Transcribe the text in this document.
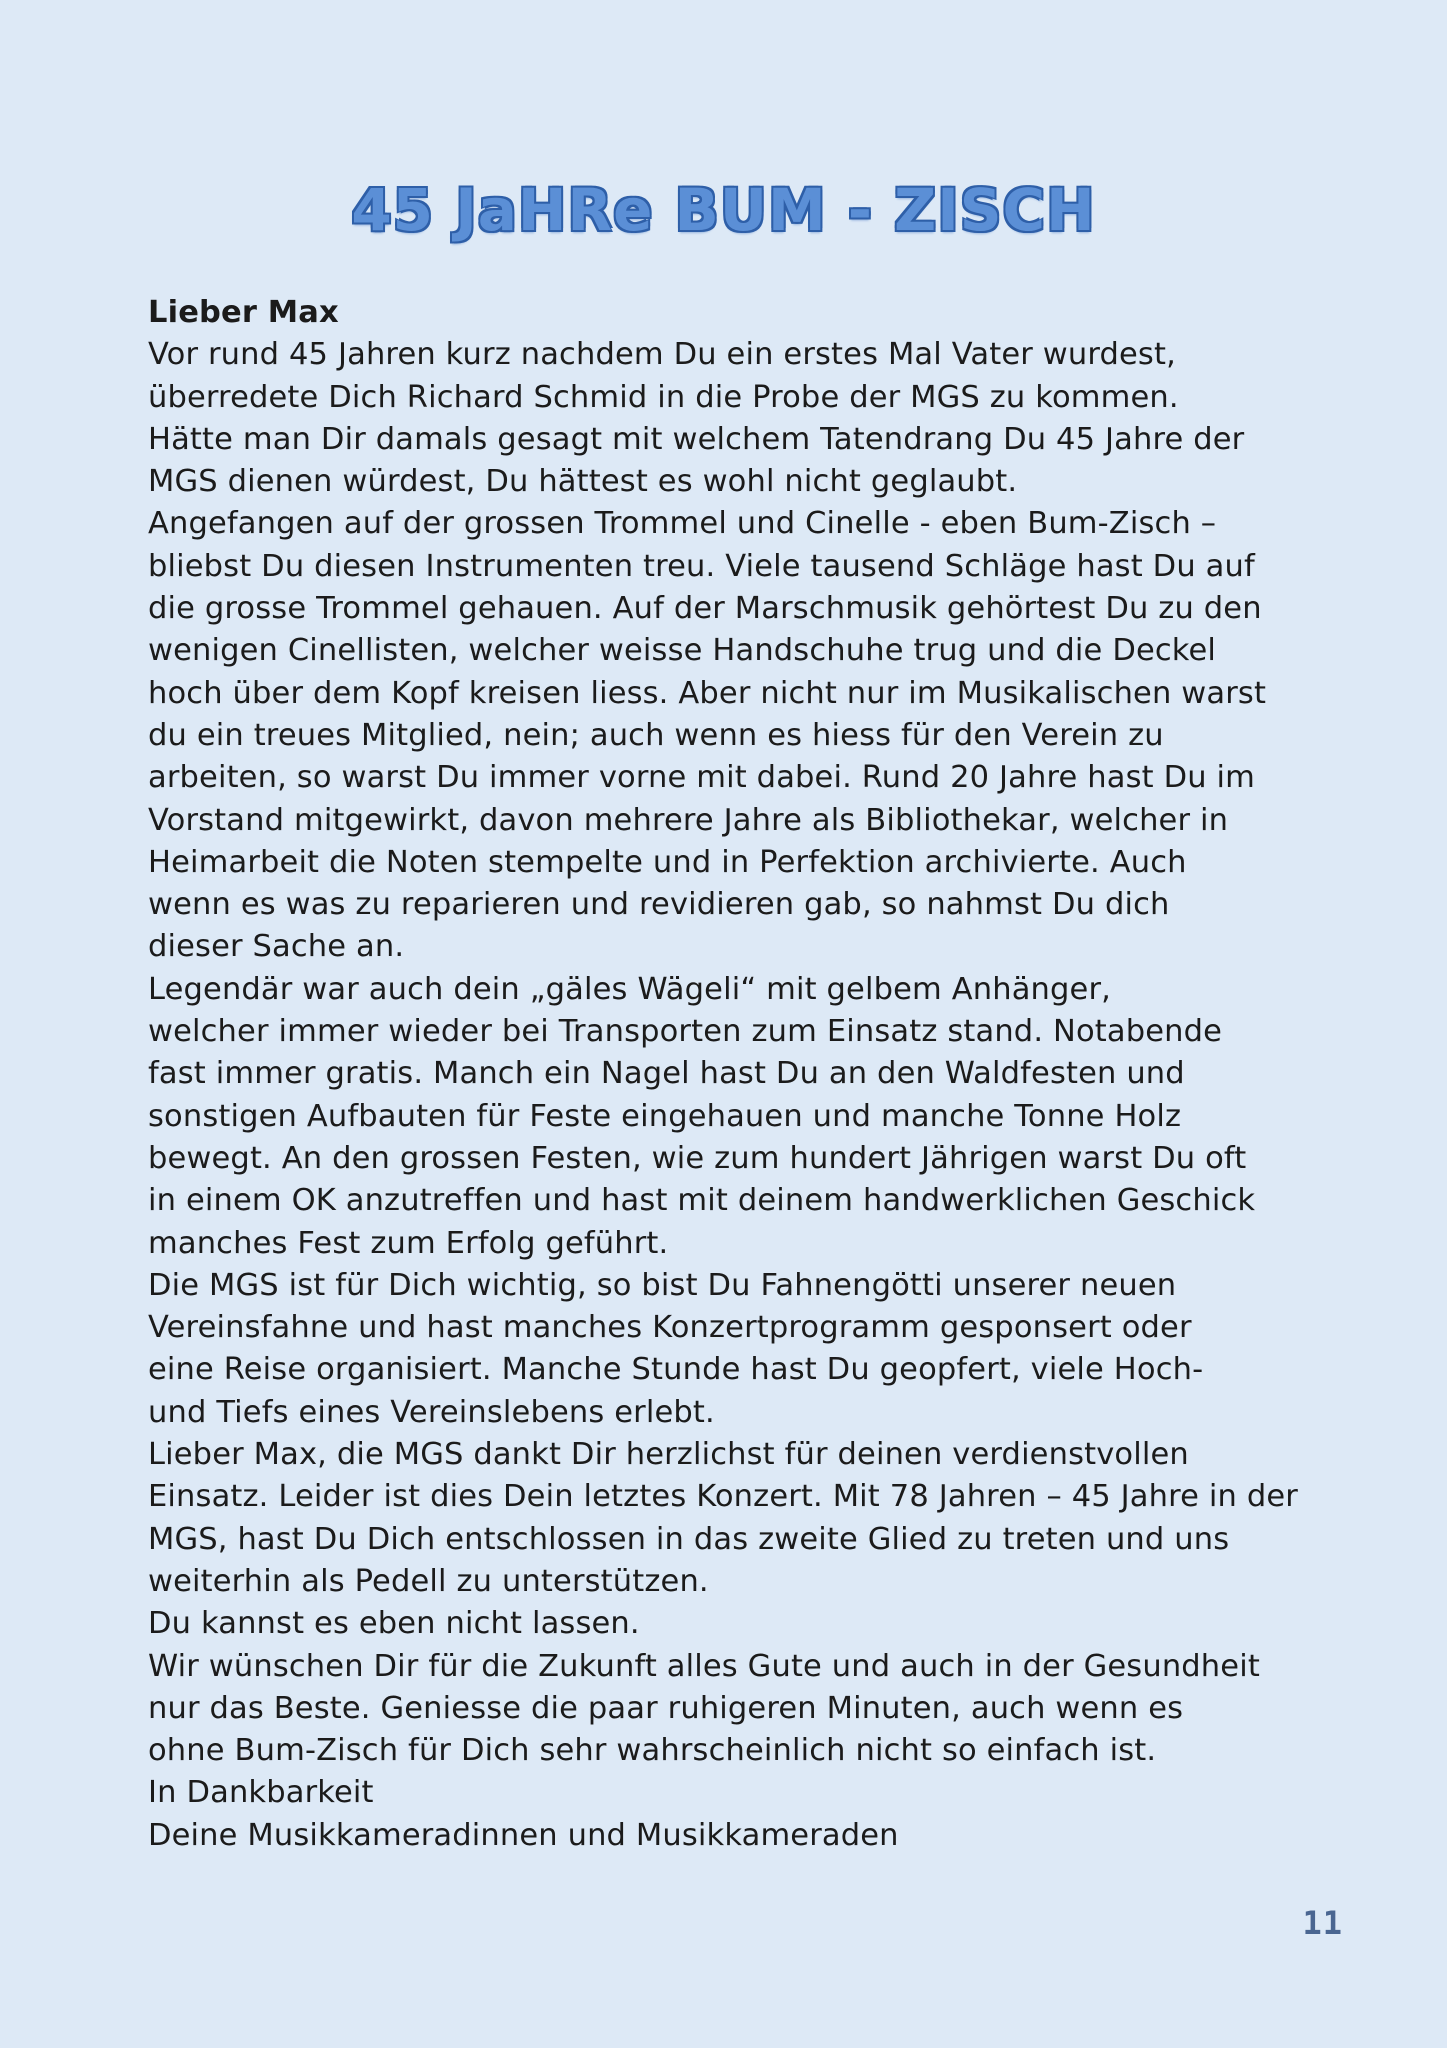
45 JaHRe BUM - ZISCH

Lieber Max

Vor rund 45 Jahren kurz nachdem Du ein erstes Mal Vater wurdest,

überredete Dich Richard Schmid in die Probe der MGS zu kommen.

Hätte man Dir damals gesagt mit welchem Tatendrang Du 45 Jahre der

MGS dienen würdest, Du hättest es wohl nicht geglaubt.

Angefangen auf der grossen Trommel und Cinelle - eben Bum-Zisch –

bliebst Du diesen Instrumenten treu. Viele tausend Schläge hast Du auf

die grosse Trommel gehauen. Auf der Marschmusik gehörtest Du zu den

wenigen Cinellisten, welcher weisse Handschuhe trug und die Deckel

hoch über dem Kopf kreisen liess. Aber nicht nur im Musikalischen warst

du ein treues Mitglied, nein; auch wenn es hiess für den Verein zu

arbeiten, so warst Du immer vorne mit dabei. Rund 20 Jahre hast Du im

Vorstand mitgewirkt, davon mehrere Jahre als Bibliothekar, welcher in

Heimarbeit die Noten stempelte und in Perfektion archivierte. Auch

wenn es was zu reparieren und revidieren gab, so nahmst Du dich

dieser Sache an.

Legendär war auch dein „gäles Wägeli“ mit gelbem Anhänger,

welcher immer wieder bei Transporten zum Einsatz stand. Notabende

fast immer gratis. Manch ein Nagel hast Du an den Waldfesten und

sonstigen Aufbauten für Feste eingehauen und manche Tonne Holz

bewegt. An den grossen Festen, wie zum hundert Jährigen warst Du oft

in einem OK anzutreffen und hast mit deinem handwerklichen Geschick

manches Fest zum Erfolg geführt.

Die MGS ist für Dich wichtig, so bist Du Fahnengötti unserer neuen

Vereinsfahne und hast manches Konzertprogramm gesponsert oder

eine Reise organisiert. Manche Stunde hast Du geopfert, viele Hoch-

und Tiefs eines Vereinslebens erlebt.

Lieber Max, die MGS dankt Dir herzlichst für deinen verdienstvollen

Einsatz. Leider ist dies Dein letztes Konzert. Mit 78 Jahren – 45 Jahre in der

MGS, hast Du Dich entschlossen in das zweite Glied zu treten und uns

weiterhin als Pedell zu unterstützen.

Du kannst es eben nicht lassen.

Wir wünschen Dir für die Zukunft alles Gute und auch in der Gesundheit

nur das Beste. Geniesse die paar ruhigeren Minuten, auch wenn es

ohne Bum-Zisch für Dich sehr wahrscheinlich nicht so einfach ist.

In Dankbarkeit

Deine Musikkameradinnen und Musikkameraden

11
